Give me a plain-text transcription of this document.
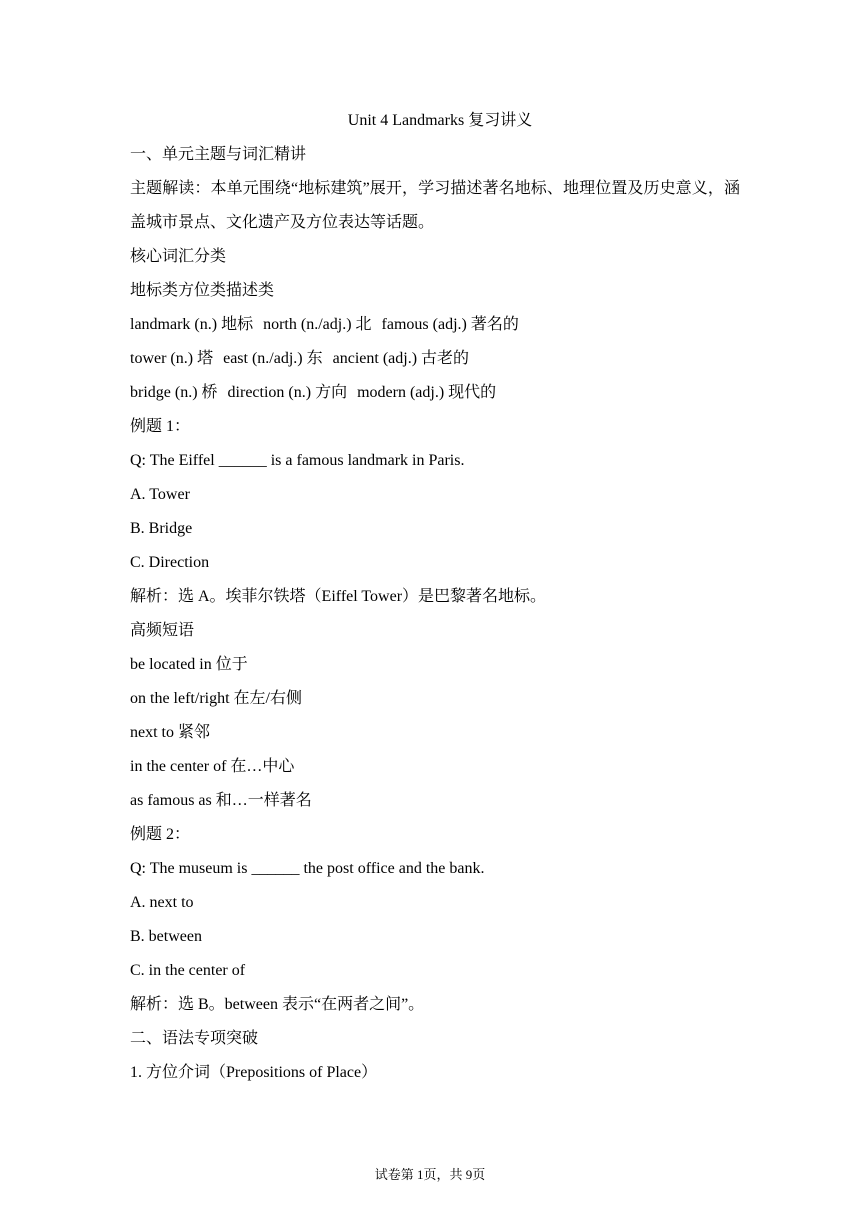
Unit 4 Landmarks 复习讲义
一、单元主题与词汇精讲
主题解读：本单元围绕“地标建筑”展开，学习描述著名地标、地理位置及历史意义，涵盖城市景点、文化遗产及方位表达等话题。
核心词汇分类
地标类方位类描述类
landmark (n.) 地标 north (n./adj.) 北 famous (adj.) 著名的
tower (n.) 塔 east (n./adj.) 东 ancient (adj.) 古老的
bridge (n.) 桥 direction (n.) 方向 modern (adj.) 现代的
例题 1：
Q: The Eiffel ______ is a famous landmark in Paris.
A. Tower
B. Bridge
C. Direction
解析：选 A。埃菲尔铁塔（Eiffel Tower）是巴黎著名地标。
高频短语
be located in 位于
on the left/right 在左/右侧
next to 紧邻
in the center of 在…中心
as famous as 和…一样著名
例题 2：
Q: The museum is ______ the post office and the bank.
A. next to
B. between
C. in the center of
解析：选 B。between 表示“在两者之间”。
二、语法专项突破
1. 方位介词（Prepositions of Place）
试卷第 1页，共 9页
